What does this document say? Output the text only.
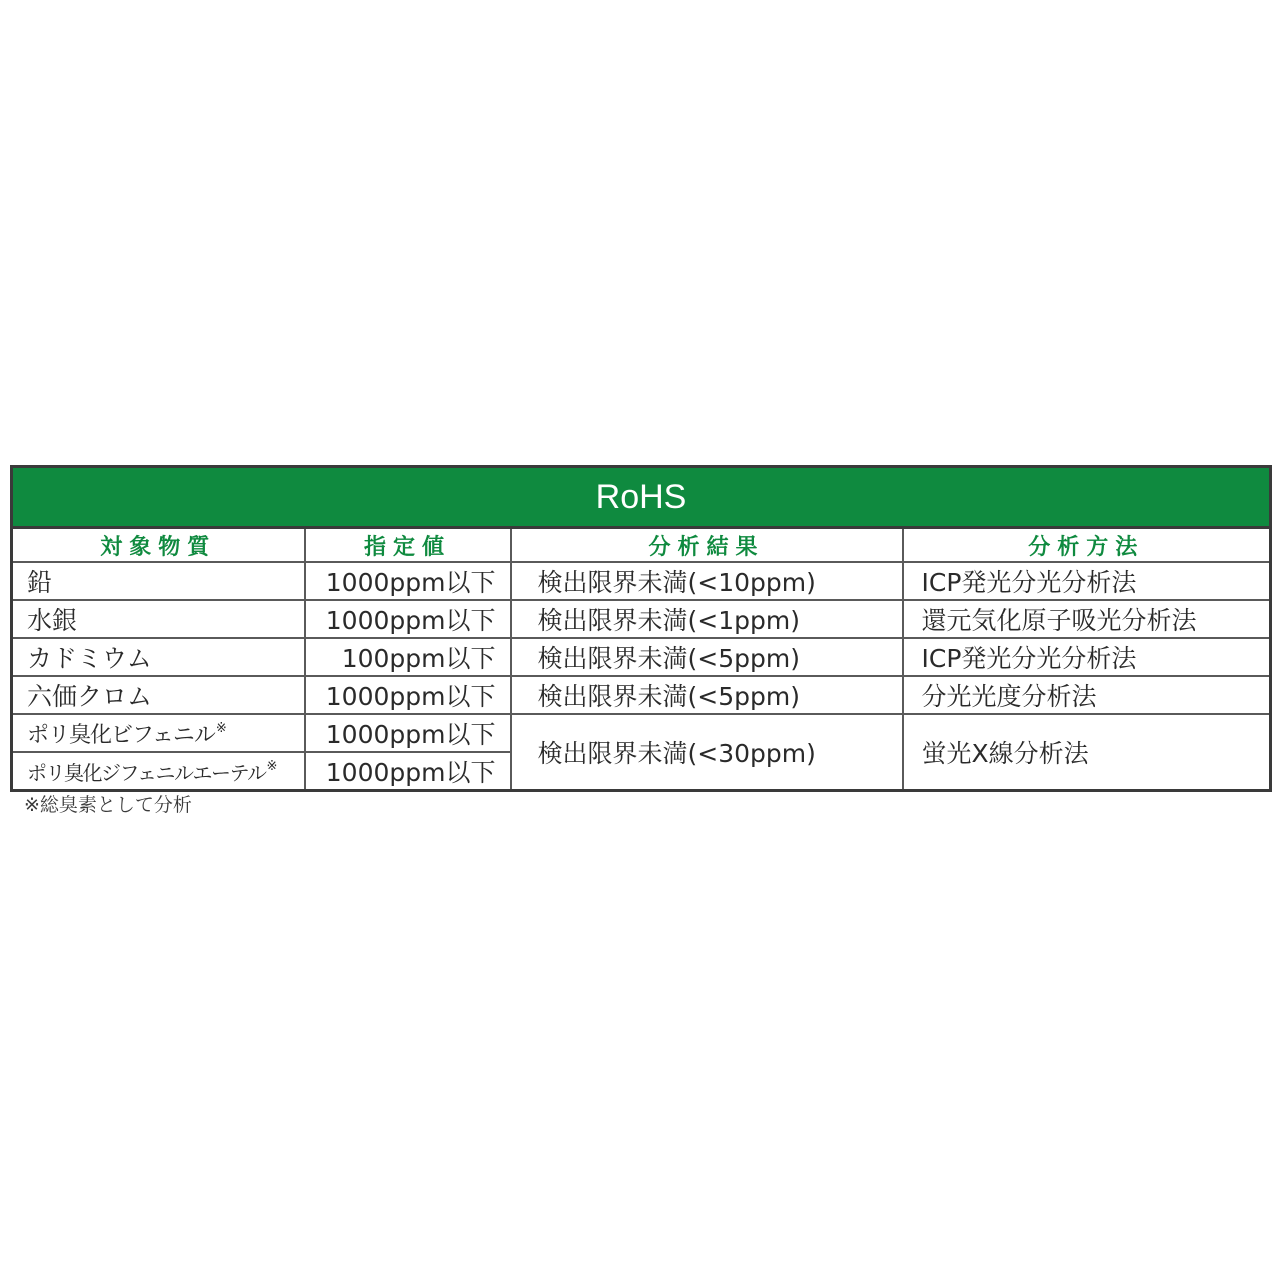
RoHS			
対象物質	指定値	分析結果	分析方法
鉛	1000ppm以下	検出限界未満(<10ppm)	ICP発光分光分析法
水銀	1000ppm以下	検出限界未満(<1ppm)	還元気化原子吸光分析法
カドミウム	100ppm以下	検出限界未満(<5ppm)	ICP発光分光分析法
六価クロム	1000ppm以下	検出限界未満(<5ppm)	分光光度分析法
ポリ臭化ビフェニル※	1000ppm以下	検出限界未満(<30ppm)	蛍光X線分析法
ポリ臭化ジフェニルエーテル※	1000ppm以下		
※総臭素として分析
